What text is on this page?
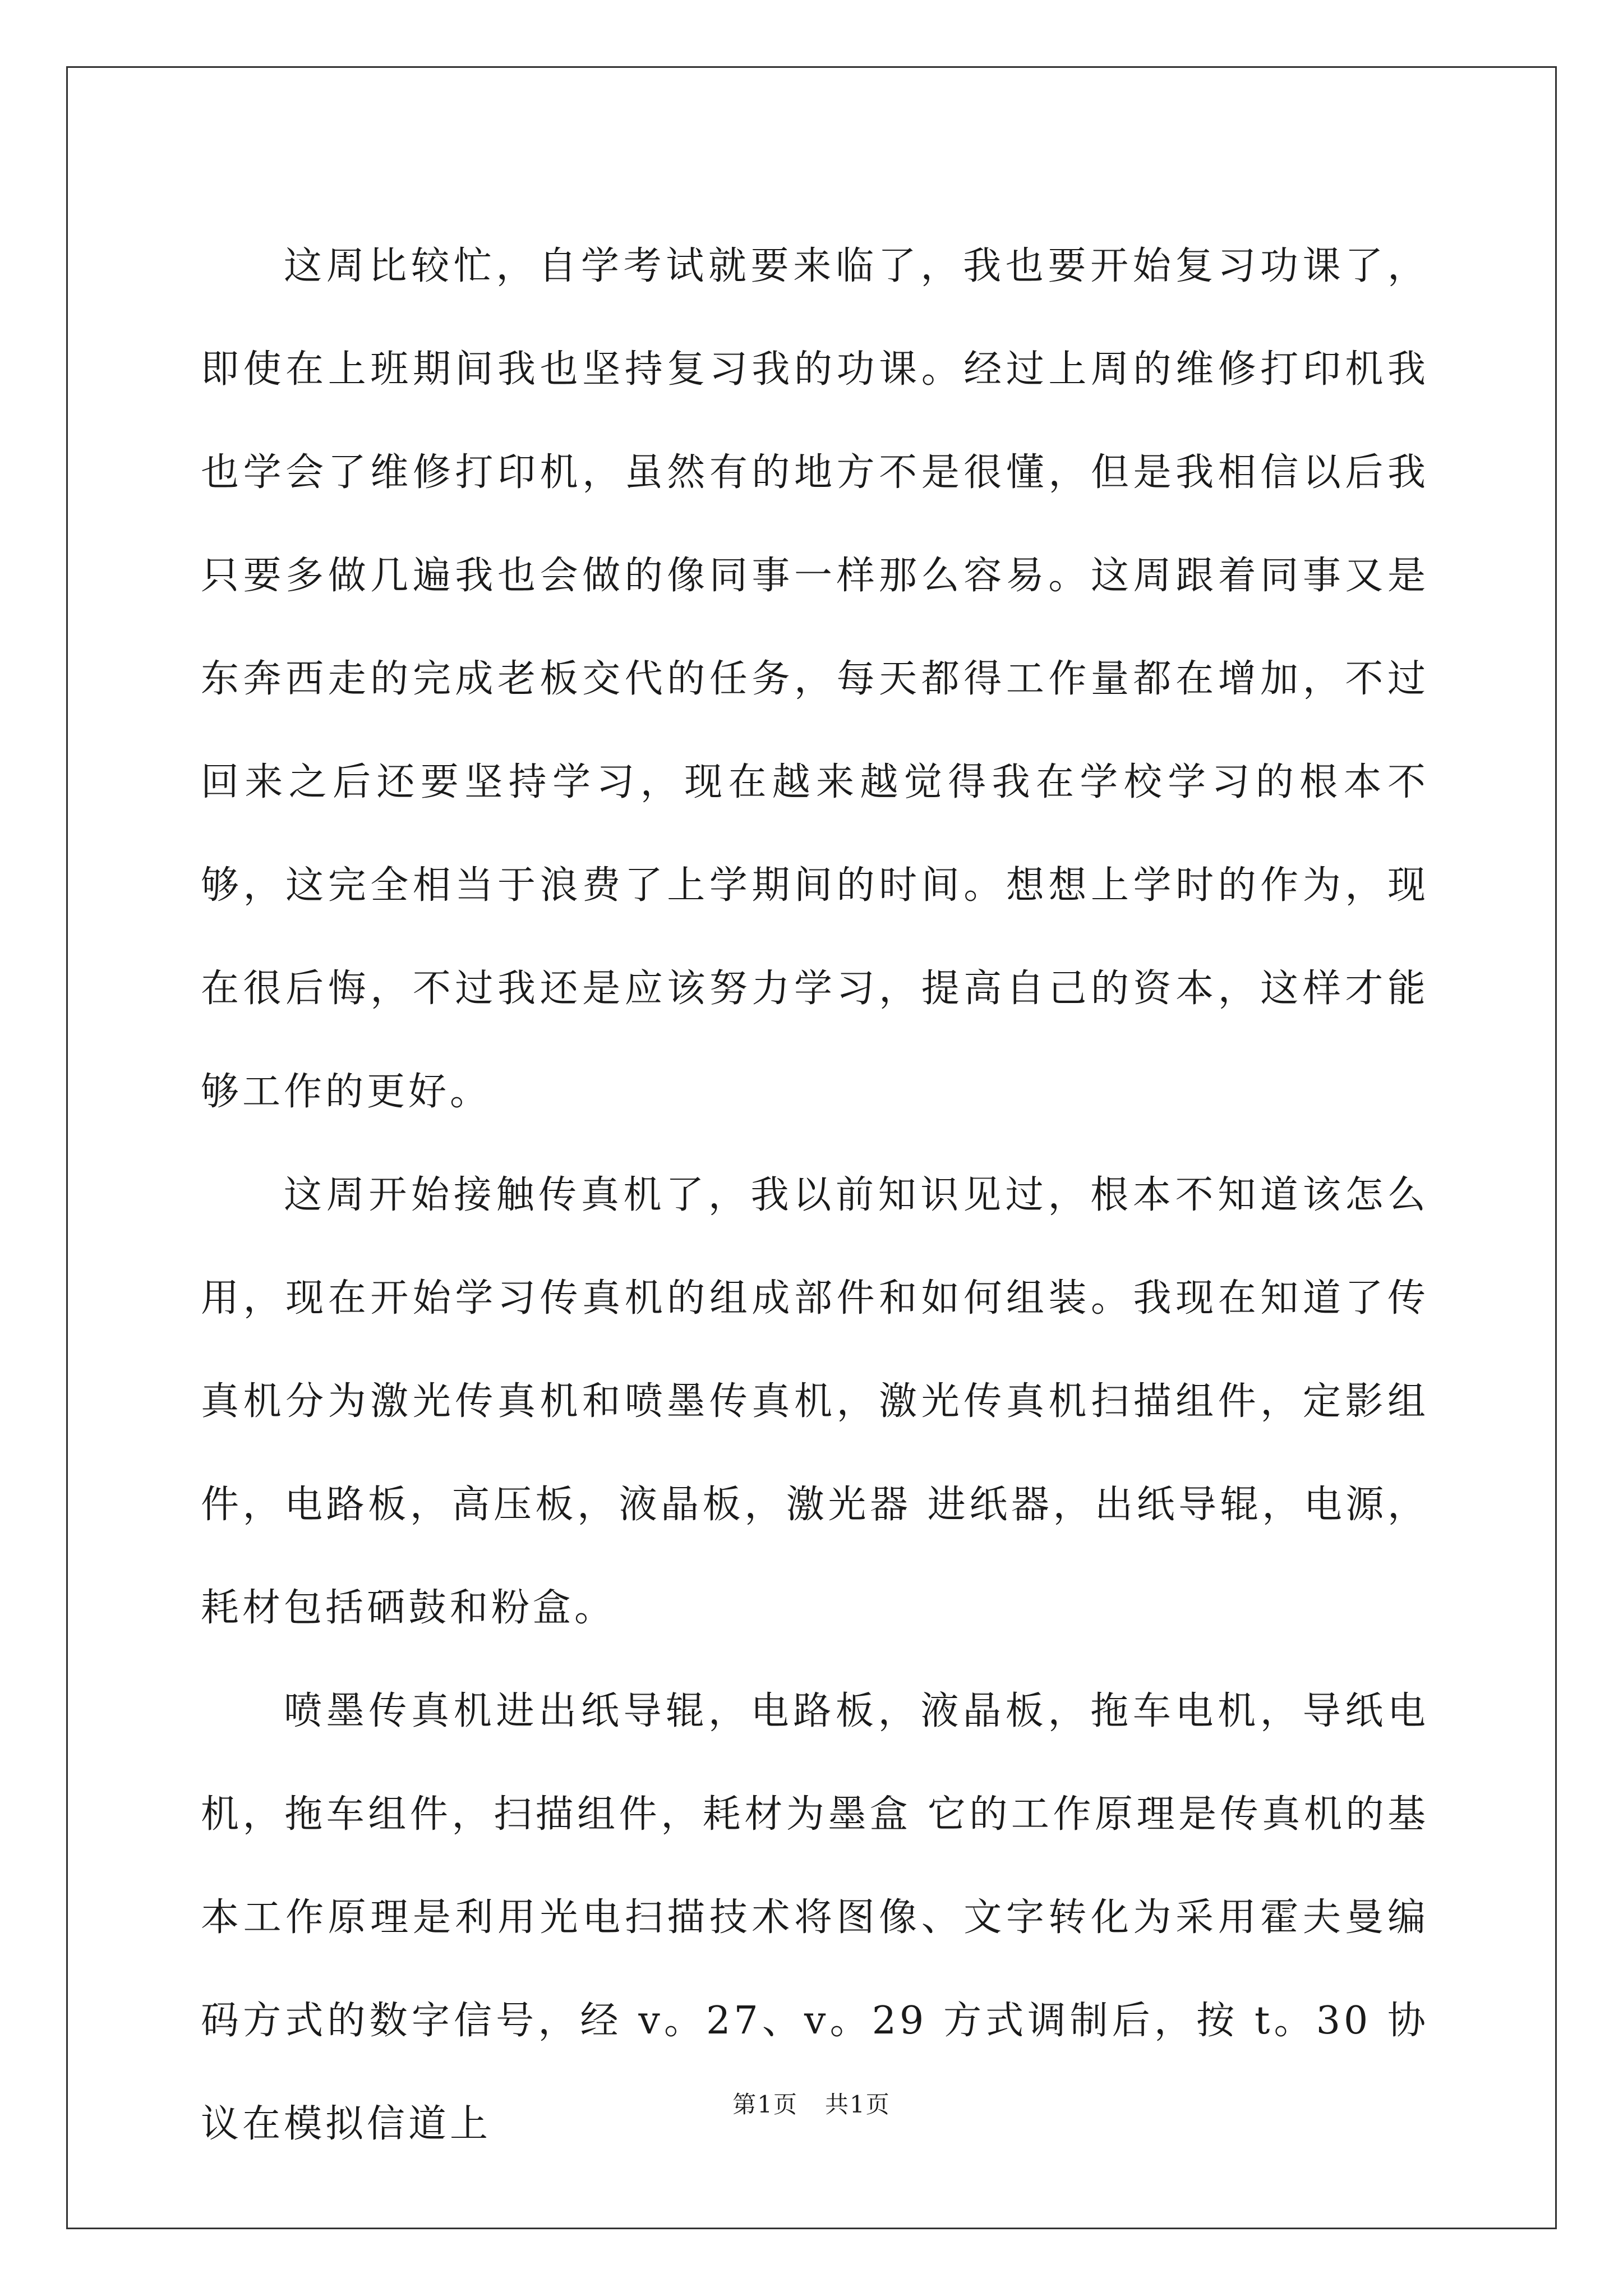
这周比较忙，自学考试就要来临了，我也要开始复习功课了，即使在上班期间我也坚持复习我的功课。经过上周的维修打印机我也学会了维修打印机，虽然有的地方不是很懂，但是我相信以后我只要多做几遍我也会做的像同事一样那么容易。这周跟着同事又是东奔西走的完成老板交代的任务，每天都得工作量都在增加，不过回来之后还要坚持学习，现在越来越觉得我在学校学习的根本不够，这完全相当于浪费了上学期间的时间。想想上学时的作为，现在很后悔，不过我还是应该努力学习，提高自己的资本，这样才能够工作的更好。

这周开始接触传真机了，我以前知识见过，根本不知道该怎么用，现在开始学习传真机的组成部件和如何组装。我现在知道了传真机分为激光传真机和喷墨传真机，激光传真机扫描组件，定影组件，电路板，高压板，液晶板，激光器 进纸器，出纸导辊，电源，耗材包括硒鼓和粉盒。

喷墨传真机进出纸导辊，电路板，液晶板，拖车电机，导纸电机，拖车组件，扫描组件，耗材为墨盒 它的工作原理是传真机的基本工作原理是利用光电扫描技术将图像、文字转化为采用霍夫曼编码方式的数字信号，经 v。27、v。29 方式调制后，按 t。30 协议在模拟信道上	第1页 共1页
